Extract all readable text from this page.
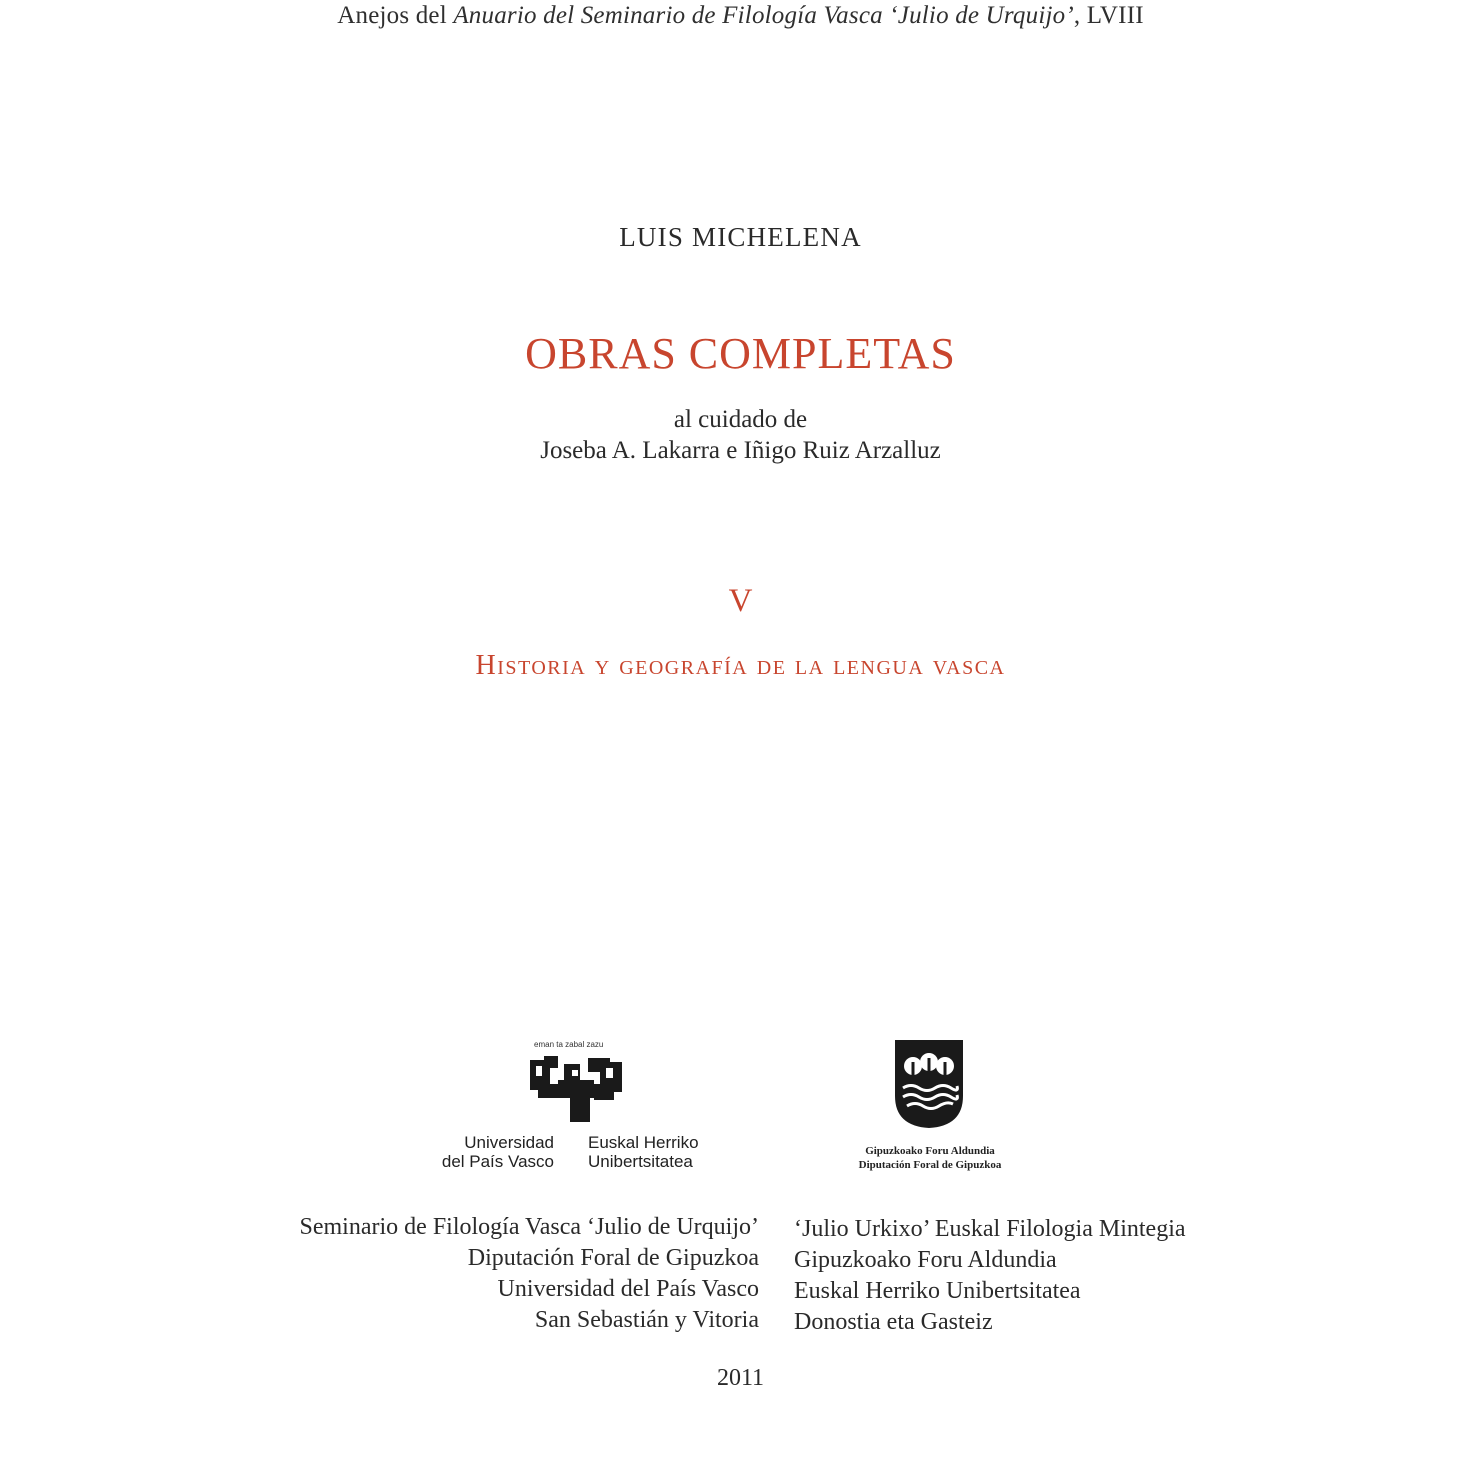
Anejos del Anuario del Seminario de Filología Vasca ‘Julio de Urquijo’, LVIII
LUIS MICHELENA
OBRAS COMPLETAS
al cuidado de
Joseba A. Lakarra e Iñigo Ruiz Arzalluz
V
Historia y geografía de la lengua vasca
eman ta zabal zazu
Universidad
del País Vasco
Euskal Herriko
Unibertsitatea
Gipuzkoako Foru Aldundia
Diputación Foral de Gipuzkoa
Seminario de Filología Vasca ‘Julio de Urquijo’
Diputación Foral de Gipuzkoa
Universidad del País Vasco
San Sebastián y Vitoria
‘Julio Urkixo’ Euskal Filologia Mintegia
Gipuzkoako Foru Aldundia
Euskal Herriko Unibertsitatea
Donostia eta Gasteiz
2011
